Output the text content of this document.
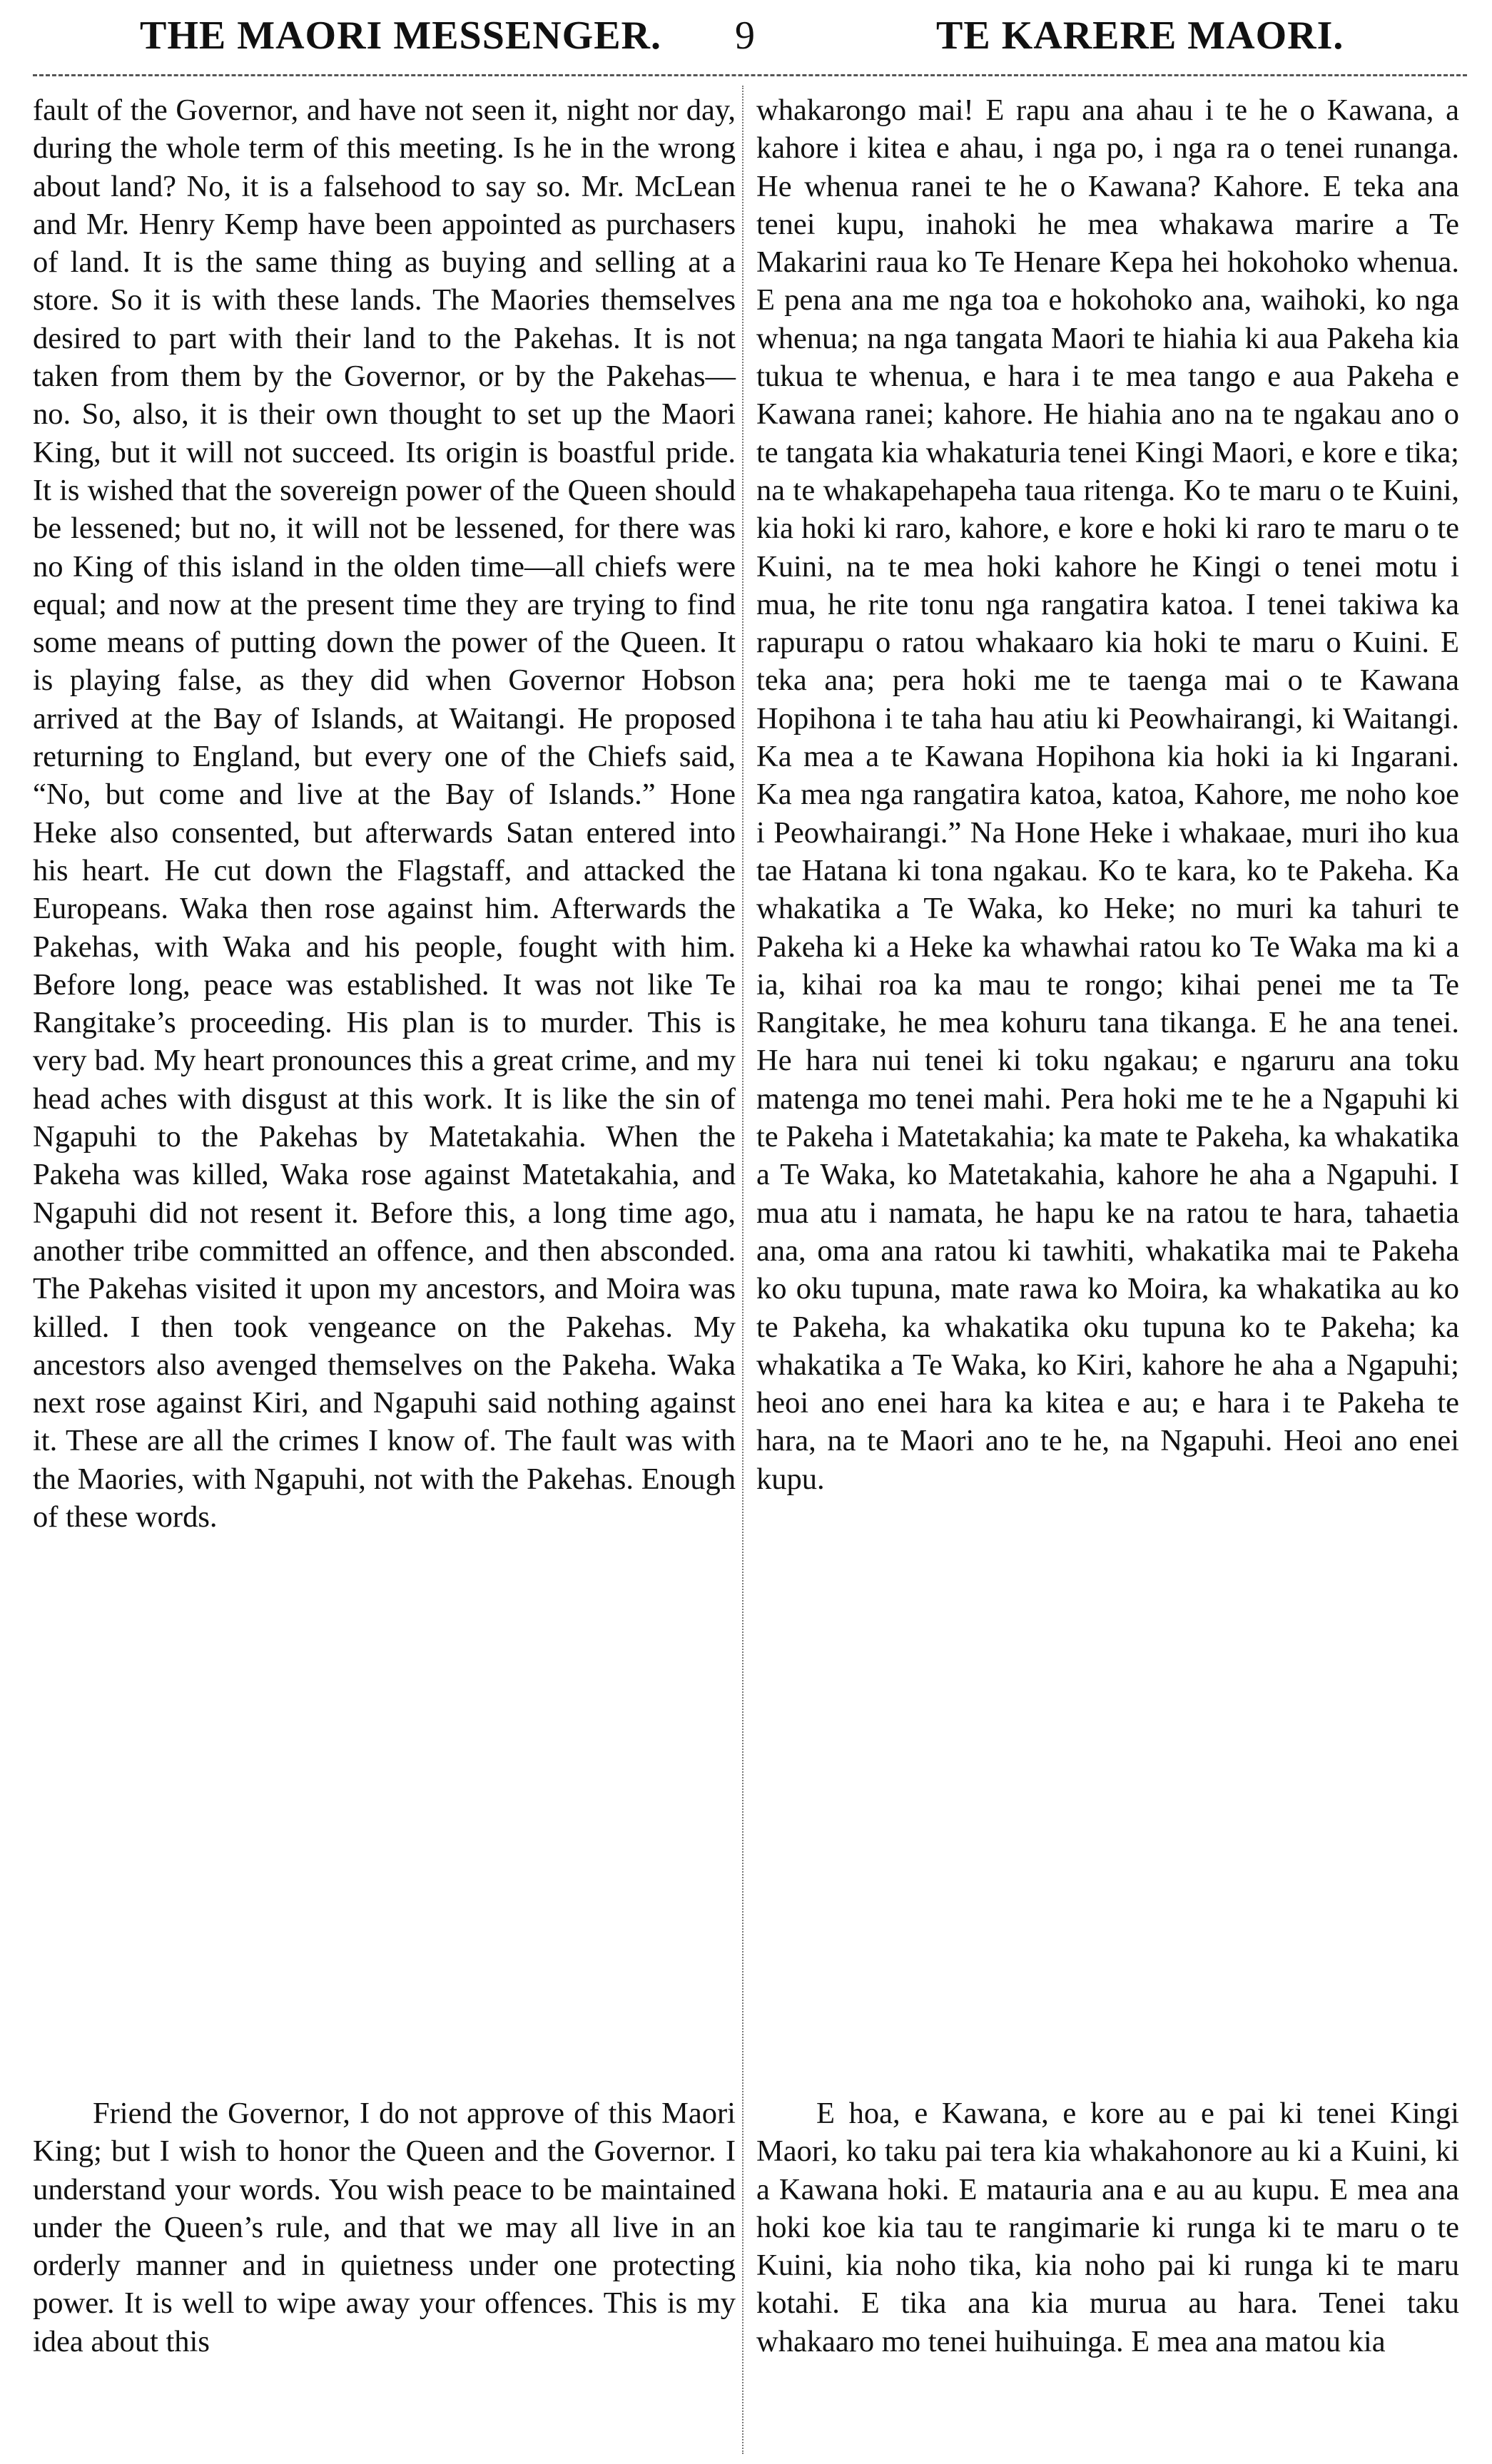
THE MAORI MESSENGER. 9	TE KARERE MAORI.

fault of the Governor, and have not seen it, night nor day, during the whole term of this meeting. Is he in the wrong about land? No, it is a falsehood to say so. Mr. McLean and Mr. Henry Kemp have been appointed as purchasers of land. It is the same thing as buying and selling at a store. So it is with these lands. The Maories themselves desired to part with their land to the Pakehas. It is not taken from them by the Governor, or by the Pakehas—no. So, also, it is their own thought to set up the Maori King, but it will not succeed. Its origin is boastful pride. It is wished that the sovereign power of the Queen should be lessened; but no, it will not be lessened, for there was no King of this island in the olden time—all chiefs were equal; and now at the present time they are trying to find some means of putting down the power of the Queen. It is playing false, as they did when Governor Hobson arrived at the Bay of Islands, at Waitangi. He proposed returning to England, but every one of the Chiefs said, “No, but come and live at the Bay of Islands.” Hone Heke also consented, but afterwards Satan entered into his heart. He cut down the Flagstaff, and attacked the Europeans. Waka then rose against him. Afterwards the Pakehas, with Waka and his people, fought with him. Before long, peace was established. It was not like Te Rangitake’s proceeding. His plan is to murder. This is very bad. My heart pronounces this a great crime, and my head aches with disgust at this work. It is like the sin of Ngapuhi to the Pakehas by Matetakahia. When the Pakeha was killed, Waka rose against Matetakahia, and Ngapuhi did not resent it. Before this, a long time ago, another tribe committed an offence, and then absconded. The Pakehas visited it upon my ancestors, and Moira was killed. I then took vengeance on the Pakehas. My ancestors also avenged themselves on the Pakeha. Waka next rose against Kiri, and Ngapuhi said nothing against it. These are all the crimes I know of. The fault was with the Maories, with Ngapuhi, not with the Pakehas. Enough of these words.

whakarongo mai! E rapu ana ahau i te he o Kawana, a kahore i kitea e ahau, i nga po, i nga ra o tenei runanga. He whenua ranei te he o Kawana? Kahore. E teka ana tenei kupu, inahoki he mea whakawa marire a Te Makarini raua ko Te Henare Kepa hei hokohoko whenua. E pena ana me nga toa e hokohoko ana, waihoki, ko nga whenua; na nga tangata Maori te hiahia ki aua Pakeha kia tukua te whenua, e hara i te mea tango e aua Pakeha e Kawana ranei; kahore. He hiahia ano na te ngakau ano o te tangata kia whakaturia tenei Kingi Maori, e kore e tika; na te whakapehapeha taua ritenga. Ko te maru o te Kuini, kia hoki ki raro, kahore, e kore e hoki ki raro te maru o te Kuini, na te mea hoki kahore he Kingi o tenei motu i mua, he rite tonu nga rangatira katoa. I tenei takiwa ka rapurapu o ratou whakaaro kia hoki te maru o Kuini. E teka ana; pera hoki me te taenga mai o te Kawana Hopihona i te taha hau atiu ki Peowhairangi, ki Waitangi. Ka mea a te Kawana Hopihona kia hoki ia ki Ingarani. Ka mea nga rangatira katoa, katoa, Kahore, me noho koe i Peowhairangi.” Na Hone Heke i whakaae, muri iho kua tae Hatana ki tona ngakau. Ko te kara, ko te Pakeha. Ka whakatika a Te Waka, ko Heke; no muri ka tahuri te Pakeha ki a Heke ka whawhai ratou ko Te Waka ma ki a ia, kihai roa ka mau te rongo; kihai penei me ta Te Rangitake, he mea kohuru tana tikanga. E he ana tenei. He hara nui tenei ki toku ngakau; e ngaruru ana toku matenga mo tenei mahi. Pera hoki me te he a Ngapuhi ki te Pakeha i Matetakahia; ka mate te Pakeha, ka whakatika a Te Waka, ko Matetakahia, kahore he aha a Ngapuhi. I mua atu i namata, he hapu ke na ratou te hara, tahaetia ana, oma ana ratou ki tawhiti, whakatika mai te Pakeha ko oku tupuna, mate rawa ko Moira, ka whakatika au ko te Pakeha, ka whakatika oku tupuna ko te Pakeha; ka whakatika a Te Waka, ko Kiri, kahore he aha a Ngapuhi; heoi ano enei hara ka kitea e au; e hara i te Pakeha te hara, na te Maori ano te he, na Ngapuhi. Heoi ano enei kupu.

Friend the Governor, I do not approve of this Maori King; but I wish to honor the Queen and the Governor. I understand your words. You wish peace to be maintained under the Queen’s rule, and that we may all live in an orderly manner and in quietness under one protecting power. It is well to wipe away your offences. This is my idea about this

E hoa, e Kawana, e kore au e pai ki tenei Kingi Maori, ko taku pai tera kia whakahonore au ki a Kuini, ki a Kawana hoki. E matauria ana e au au kupu. E mea ana hoki koe kia tau te rangimarie ki runga ki te maru o te Kuini, kia noho tika, kia noho pai ki runga ki te maru kotahi. E tika ana kia murua au hara. Tenei taku whakaaro mo tenei huihuinga. E mea ana matou kia
